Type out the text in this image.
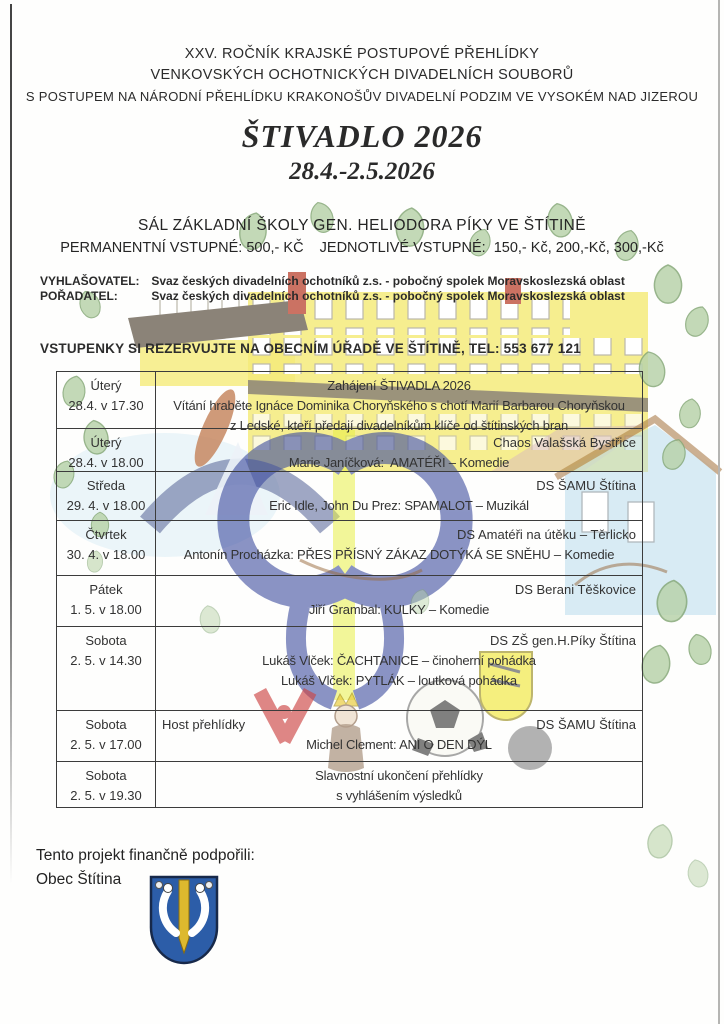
XXV. ROČNÍK KRAJSKÉ POSTUPOVÉ PŘEHLÍDKY
VENKOVSKÝCH OCHOTNICKÝCH DIVADELNÍCH SOUBORŮ
S POSTUPEM NA NÁRODNÍ PŘEHLÍDKU KRAKONOŠŮV DIVADELNÍ PODZIM VE VYSOKÉM NAD JIZEROU
ŠTIVADLO 2026
28.4.-2.5.2026
SÁL ZÁKLADNÍ ŠKOLY GEN. HELIODORA PÍKY VE ŠTÍTINĚ
PERMANENTNÍ VSTUPNÉ: 500,- KČ    JEDNOTLIVÉ VSTUPNÉ:  150,- Kč, 200,-Kč, 300,-Kč
VYHLAŠOVATEL: Svaz českých divadelních ochotníků z.s. - pobočný spolek Moravskoslezská oblast
POŘADATEL:	Svaz českých divadelních ochotníků z.s. - pobočný spolek Moravskoslezská oblast
VSTUPENKY SI REZERVUJTE NA OBECNÍM ÚŘADĚ VE ŠTÍTINĚ, TEL: 553 677 121
Úterý
28.4. v 17.30
Zahájení ŠTIVADLA 2026
Vítání hraběte Ignáce Dominika Choryňského s chotí Marií Barbarou Choryňskou
z Ledské, kteří předají divadelníkům klíče od štítinských bran
Úterý
28.4. v 18.00
Chaos Valašská Bystřice
Marie Janíčková:  AMATÉŘI – Komedie
Středa
29. 4. v 18.00
DS ŠAMU Štítina
Eric Idle, John Du Prez: SPAMALOT – Muzikál
Čtvrtek
30. 4. v 18.00
DS Amatéři na útěku – Těrlicko
Antonín Procházka: PŘES PŘÍSNÝ ZÁKAZ DOTÝKÁ SE SNĚHU – Komedie
Pátek
1. 5. v 18.00
DS Berani Těškovice
Jiří Grambal: KULKY – Komedie
Sobota
2. 5. v 14.30
DS ZŠ gen.H.Píky Štítina
Lukáš Vlček: ČACHTANICE – činoherní pohádka
Lukáš Vlček: PYTLÁK – loutková pohádka
Sobota
2. 5. v 17.00
Host přehlídky	DS ŠAMU Štítina
Michel Clement: ANI O DEN DÝL
Sobota
2. 5. v 19.30
Slavnostní ukončení přehlídky
s vyhlášením výsledků
Tento projekt finančně podpořili:
Obec Štítina
